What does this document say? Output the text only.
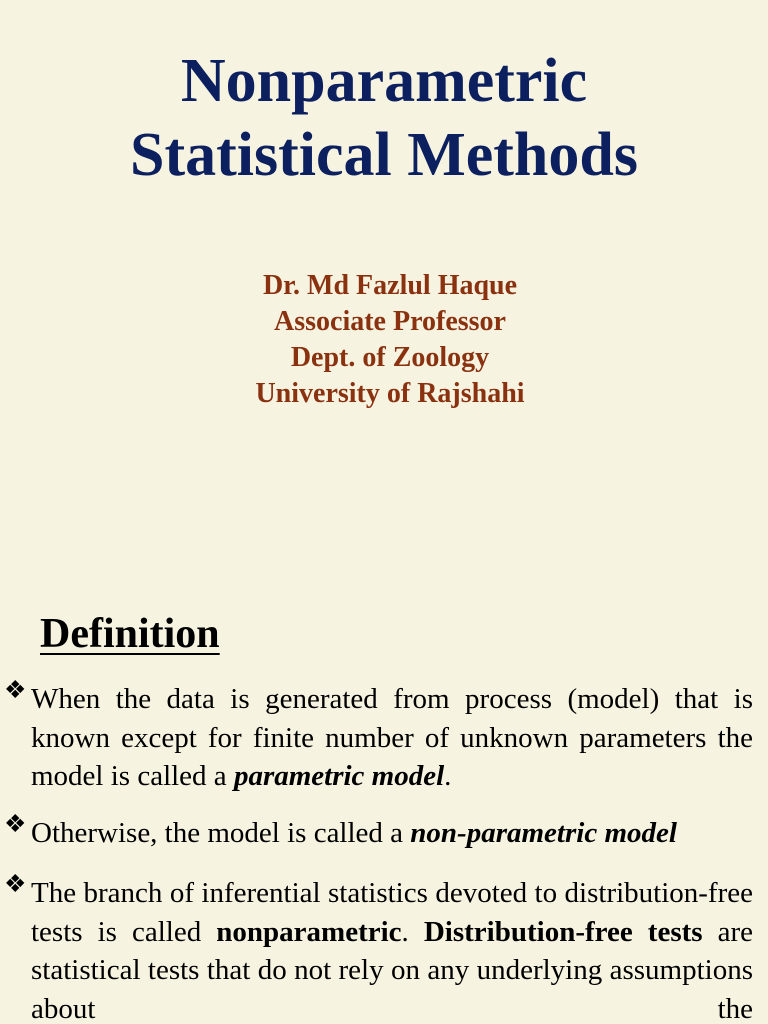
Nonparametric
Statistical Methods
Dr. Md Fazlul Haque
Associate Professor
Dept. of Zoology
University of Rajshahi
Definition
❖ When the data is generated from process (model) that is known except for finite number of unknown parameters the model is called a parametric model.
❖ Otherwise, the model is called a non-parametric model
❖ The branch of inferential statistics devoted to distribution-free tests is called nonparametric. Distribution-free tests are statistical tests that do not rely on any underlying assumptions about the
